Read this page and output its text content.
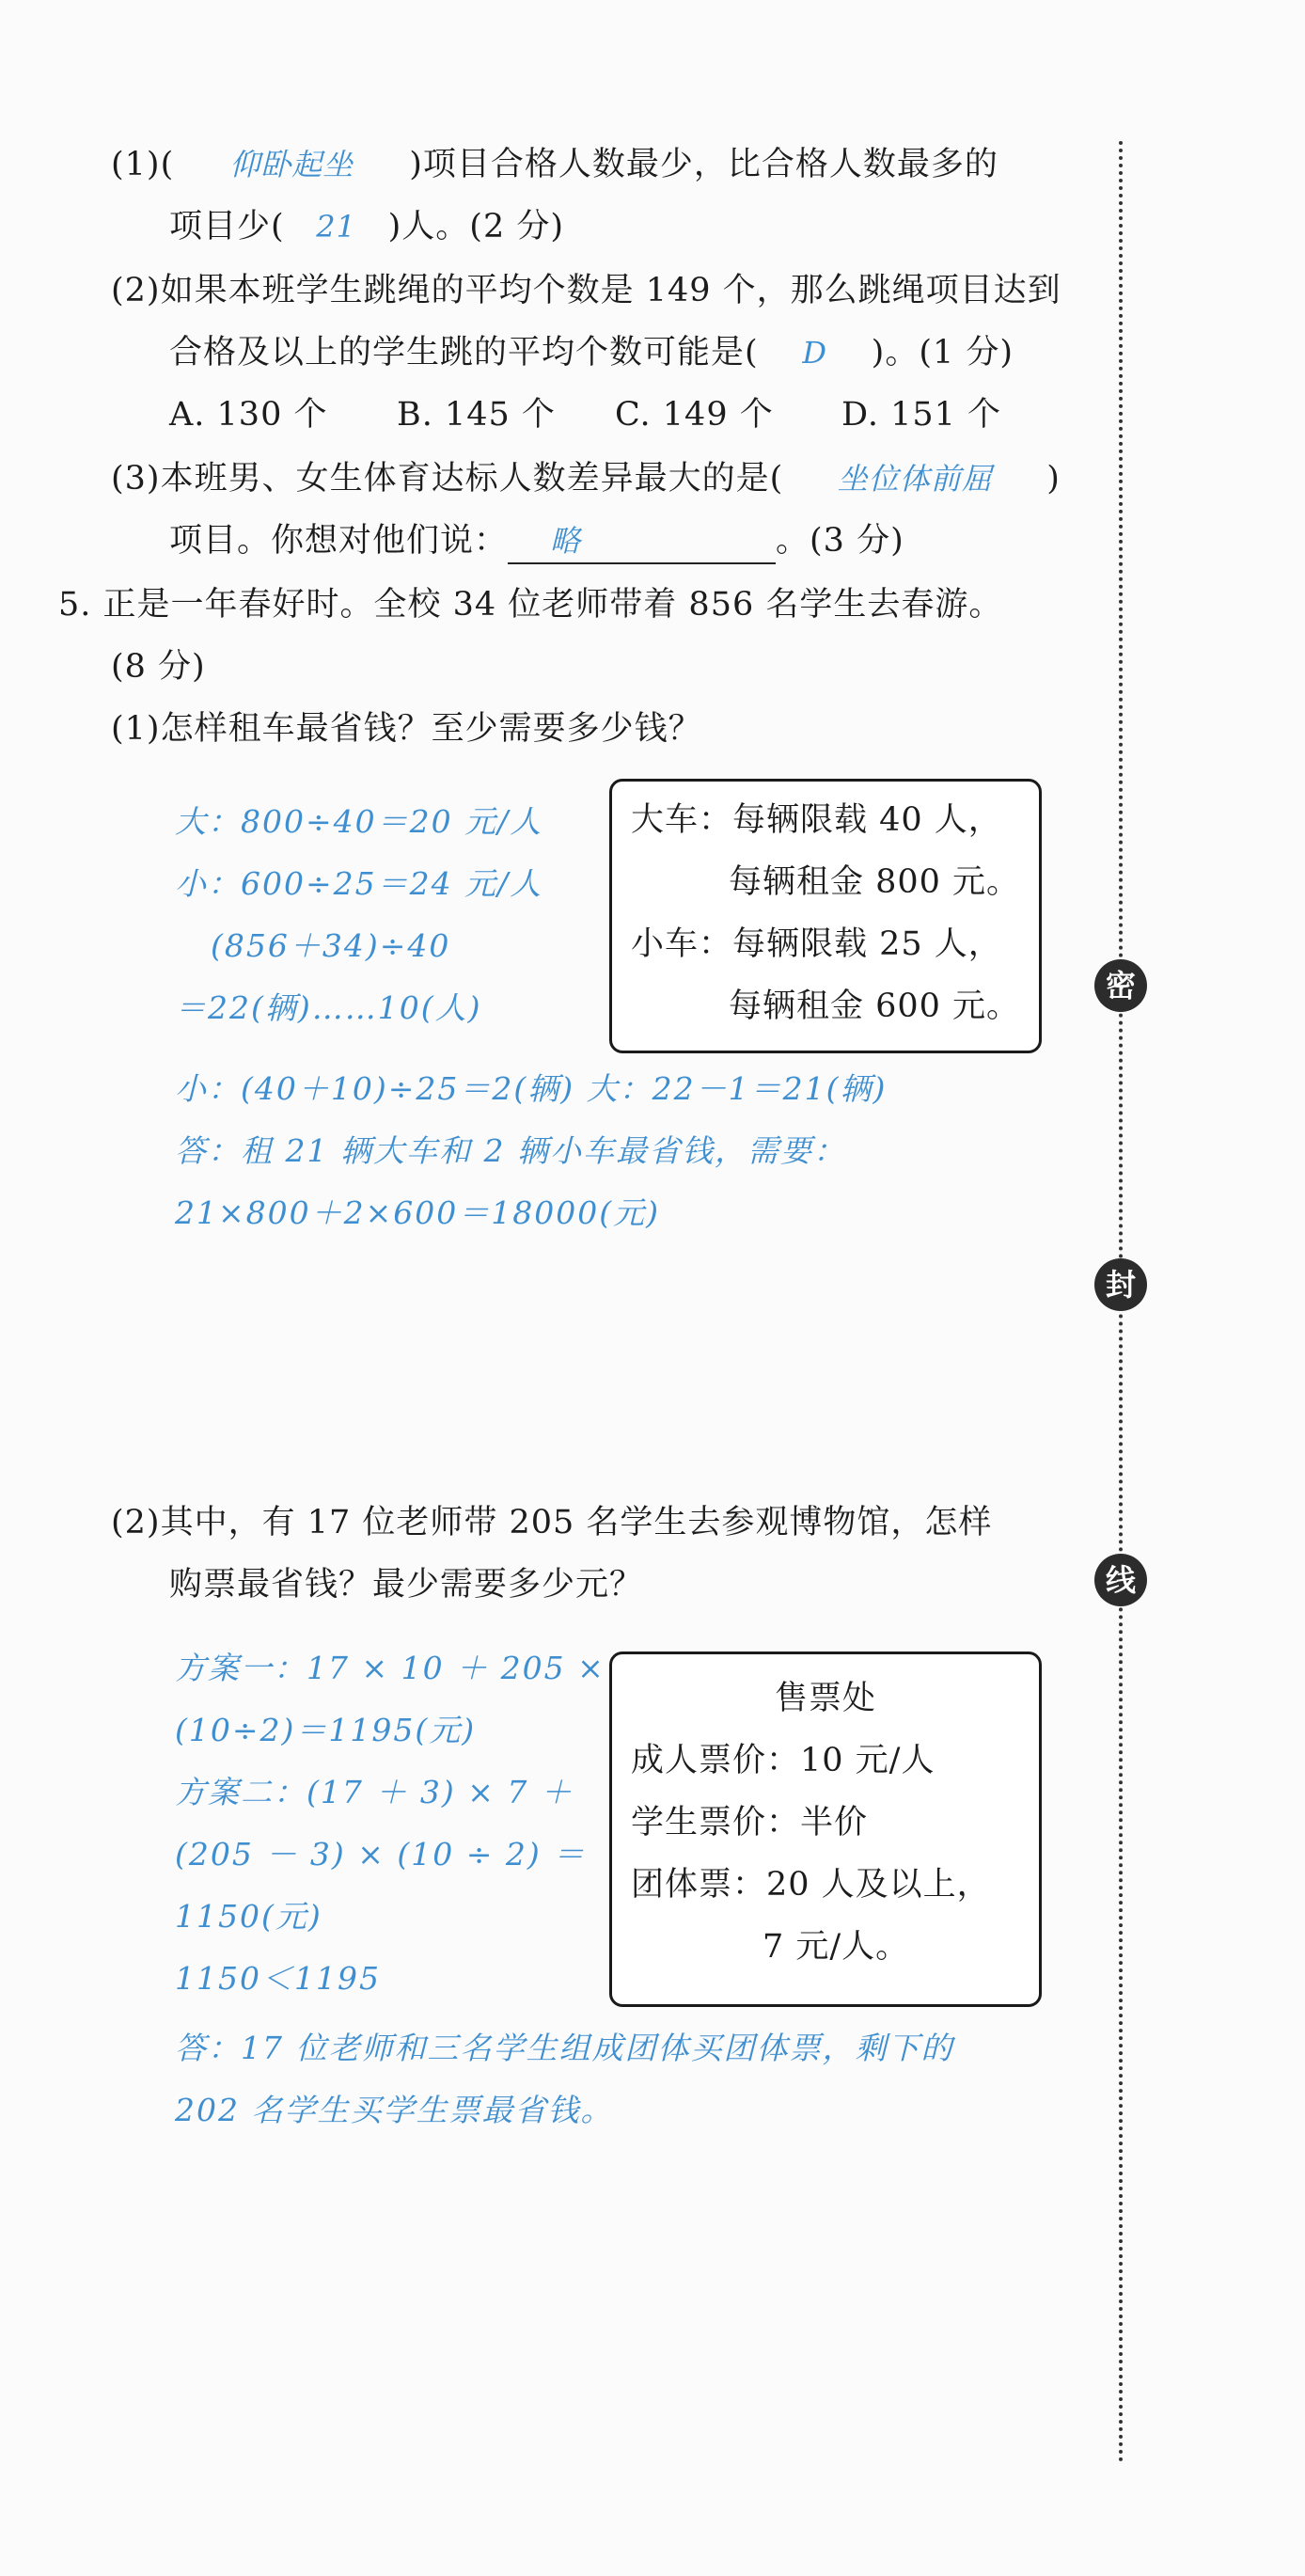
(1)( 仰卧起坐 )项目合格人数最少，比合格人数最多的
项目少( 21 )人。(2 分)
(2)如果本班学生跳绳的平均个数是 149 个，那么跳绳项目达到
合格及以上的学生跳的平均个数可能是( D )。(1 分)
A. 130 个 B. 145 个 C. 149 个 D. 151 个
(3)本班男、女生体育达标人数差异最大的是( 坐位体前屈 )
项目。你想对他们说： 略	。(3 分)
5. 正是一年春好时。全校 34 位老师带着 856 名学生去春游。
(8 分)
(1)怎样租车最省钱？至少需要多少钱？
大车：每辆限载 40 人，
每辆租金 800 元。
小车：每辆限载 25 人，
每辆租金 600 元。
大：800÷40＝20 元/人
小：600÷25＝24 元/人
(856＋34)÷40
＝22(辆)……10(人)
小：(40＋10)÷25＝2(辆) 大：22－1＝21(辆)
答：租 21 辆大车和 2 辆小车最省钱，需要：
21×800＋2×600＝18000(元)
(2)其中，有 17 位老师带 205 名学生去参观博物馆，怎样
购票最省钱？最少需要多少元？
售票处
成人票价：10 元/人
学生票价：半价
团体票：20 人及以上，
7 元/人。
方案一：17 × 10 ＋ 205 ×
(10÷2)＝1195(元)
方案二：(17 ＋ 3) × 7 ＋
(205 － 3) × (10 ÷ 2) ＝
1150(元)
1150＜1195
答：17 位老师和三名学生组成团体买团体票，剩下的
202 名学生买学生票最省钱。
密
封
线
